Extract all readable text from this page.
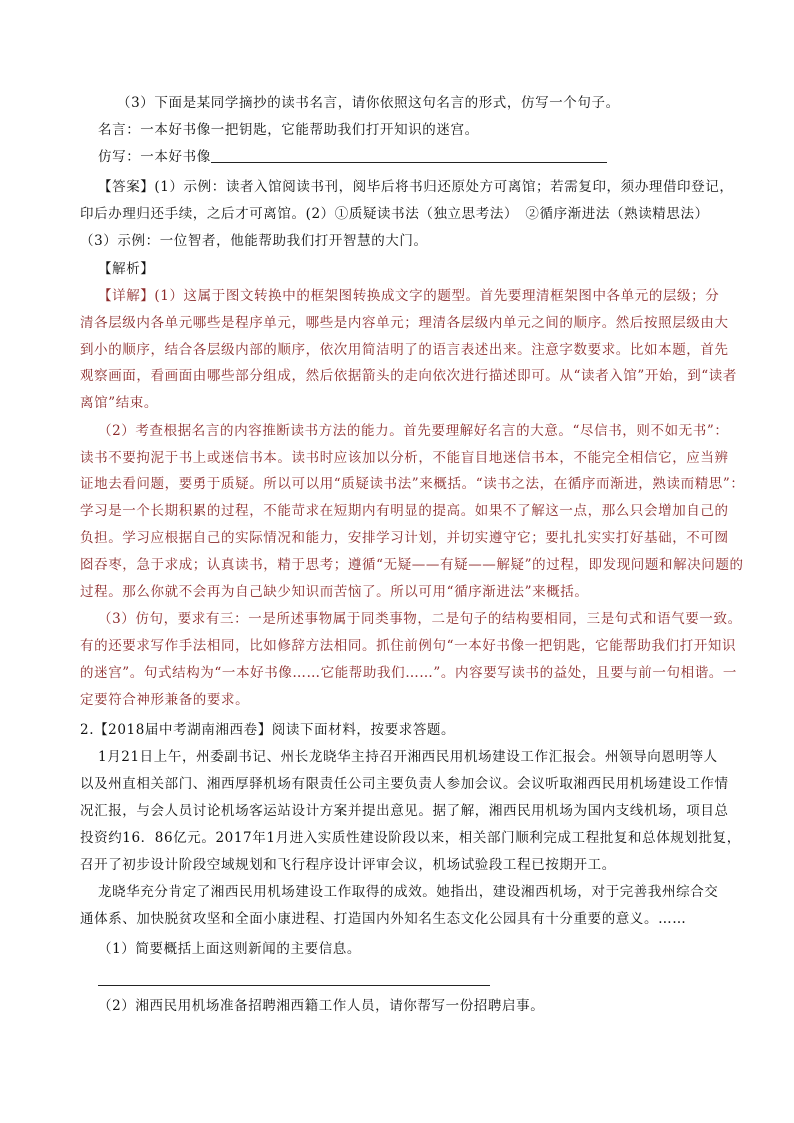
（3）下面是某同学摘抄的读书名言，请你依照这句名言的形式，仿写一个句子。
名言：一本好书像一把钥匙，它能帮助我们打开知识的迷宫。
仿写：一本好书像
【答案】(1）示例：读者入馆阅读书刊，阅毕后将书归还原处方可离馆；若需复印，须办理借印登记，
印后办理归还手续，之后才可离馆。(2）①质疑读书法（独立思考法）　②循序渐进法（熟读精思法）
（3）示例：一位智者，他能帮助我们打开智慧的大门。
【解析】
【详解】(1）这属于图文转换中的框架图转换成文字的题型。首先要理清框架图中各单元的层级；分
清各层级内各单元哪些是程序单元，哪些是内容单元；理清各层级内单元之间的顺序。然后按照层级由大
到小的顺序，结合各层级内部的顺序，依次用简洁明了的语言表述出来。注意字数要求。比如本题，首先
观察画面，看画面由哪些部分组成，然后依据箭头的走向依次进行描述即可。从“读者入馆”开始，到“读者
离馆”结束。
（2）考查根据名言的内容推断读书方法的能力。首先要理解好名言的大意。“尽信书，则不如无书”：
读书不要拘泥于书上或迷信书本。读书时应该加以分析，不能盲目地迷信书本，不能完全相信它，应当辨
证地去看问题，要勇于质疑。所以可以用“质疑读书法”来概括。“读书之法，在循序而渐进，熟读而精思”：
学习是一个长期积累的过程，不能苛求在短期内有明显的提高。如果不了解这一点，那么只会增加自己的
负担。学习应根据自己的实际情况和能力，安排学习计划，并切实遵守它；要扎扎实实打好基础，不可囫
囵吞枣，急于求成；认真读书，精于思考；遵循“无疑——有疑——解疑”的过程，即发现问题和解决问题的
过程。那么你就不会再为自己缺少知识而苦恼了。所以可用“循序渐进法”来概括。
（3）仿句，要求有三：一是所述事物属于同类事物，二是句子的结构要相同，三是句式和语气要一致。
有的还要求写作手法相同，比如修辞方法相同。抓住前例句“一本好书像一把钥匙，它能帮助我们打开知识
的迷宫”。句式结构为“一本好书像……它能帮助我们……”。内容要写读书的益处，且要与前一句相谐。一
定要符合神形兼备的要求。
2.【2018届中考湖南湘西卷】阅读下面材料，按要求答题。
1月21日上午，州委副书记、州长龙晓华主持召开湘西民用机场建设工作汇报会。州领导向恩明等人
以及州直相关部门、湘西厚驿机场有限责任公司主要负责人参加会议。会议听取湘西民用机场建设工作情
况汇报，与会人员讨论机场客运站设计方案并提出意见。据了解，湘西民用机场为国内支线机场，项目总
投资约16．86亿元。2017年1月进入实质性建设阶段以来，相关部门顺利完成工程批复和总体规划批复，
召开了初步设计阶段空域规划和飞行程序设计评审会议，机场试验段工程已按期开工。
龙晓华充分肯定了湘西民用机场建设工作取得的成效。她指出，建设湘西机场，对于完善我州综合交
通体系、加快脱贫攻坚和全面小康进程、打造国内外知名生态文化公园具有十分重要的意义。……
（1）简要概括上面这则新闻的主要信息。
（2）湘西民用机场准备招聘湘西籍工作人员，请你帮写一份招聘启事。
